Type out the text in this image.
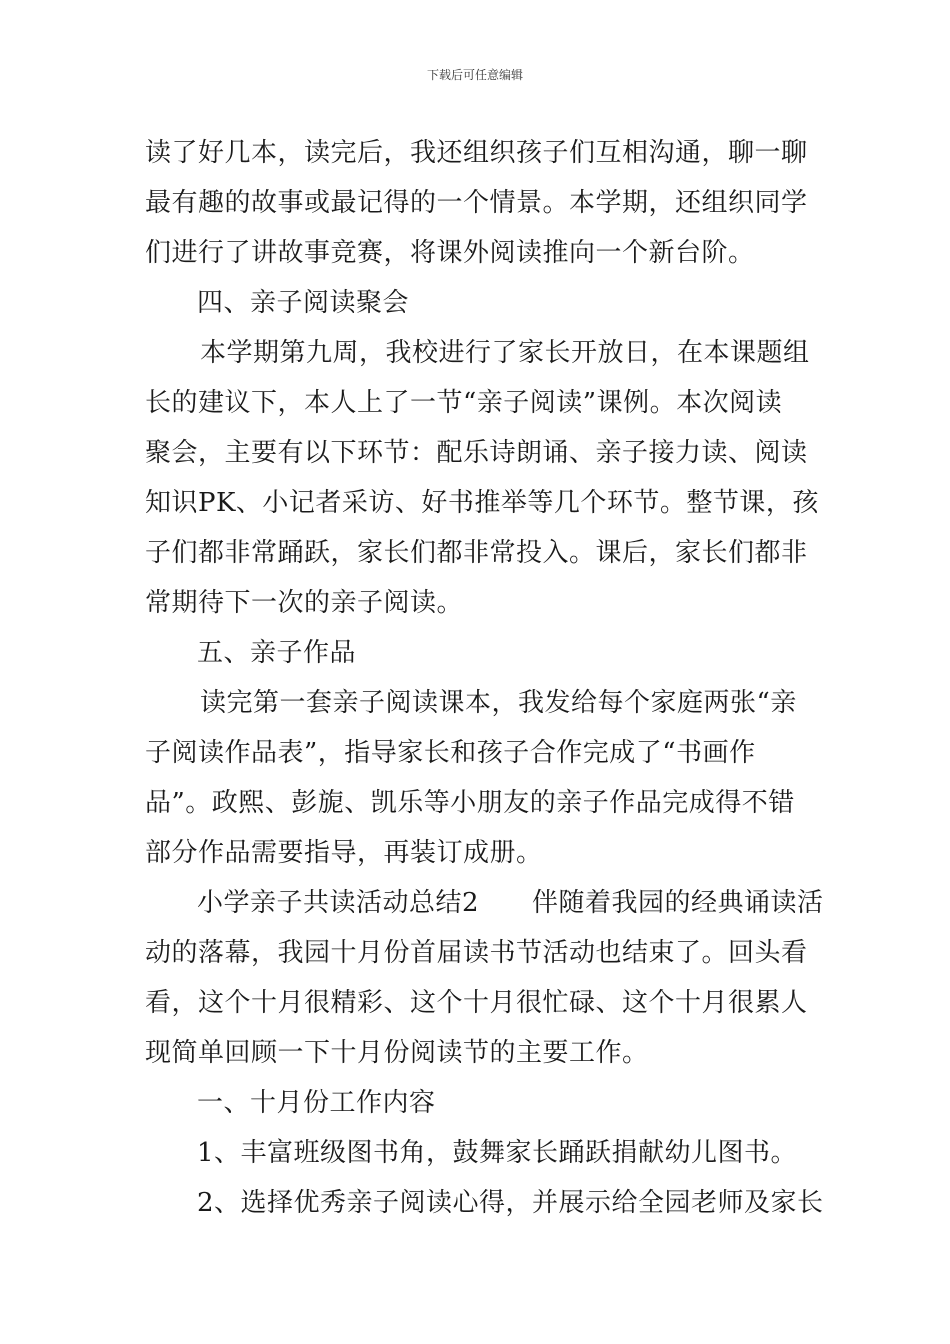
下载后可任意编辑
读了好几本，读完后，我还组织孩子们互相沟通，聊一聊
最有趣的故事或最记得的一个情景。本学期，还组织同学
们进行了讲故事竞赛，将课外阅读推向一个新台阶。
四、亲子阅读聚会
本学期第九周，我校进行了家长开放日，在本课题组
长的建议下，本人上了一节“亲子阅读”课例。本次阅读
聚会，主要有以下环节：配乐诗朗诵、亲子接力读、阅读
知识PK、小记者采访、好书推举等几个环节。整节课，孩
子们都非常踊跃，家长们都非常投入。课后，家长们都非
常期待下一次的亲子阅读。
五、亲子作品
读完第一套亲子阅读课本，我发给每个家庭两张“亲
子阅读作品表”，指导家长和孩子合作完成了“书画作
品”。政熙、彭旎、凯乐等小朋友的亲子作品完成得不错
部分作品需要指导，再装订成册。
小学亲子共读活动总结2　　伴随着我园的经典诵读活
动的落幕，我园十月份首届读书节活动也结束了。回头看
看，这个十月很精彩、这个十月很忙碌、这个十月很累人
现简单回顾一下十月份阅读节的主要工作。
一、十月份工作内容
1、丰富班级图书角，鼓舞家长踊跃捐献幼儿图书。
2、选择优秀亲子阅读心得，并展示给全园老师及家长
